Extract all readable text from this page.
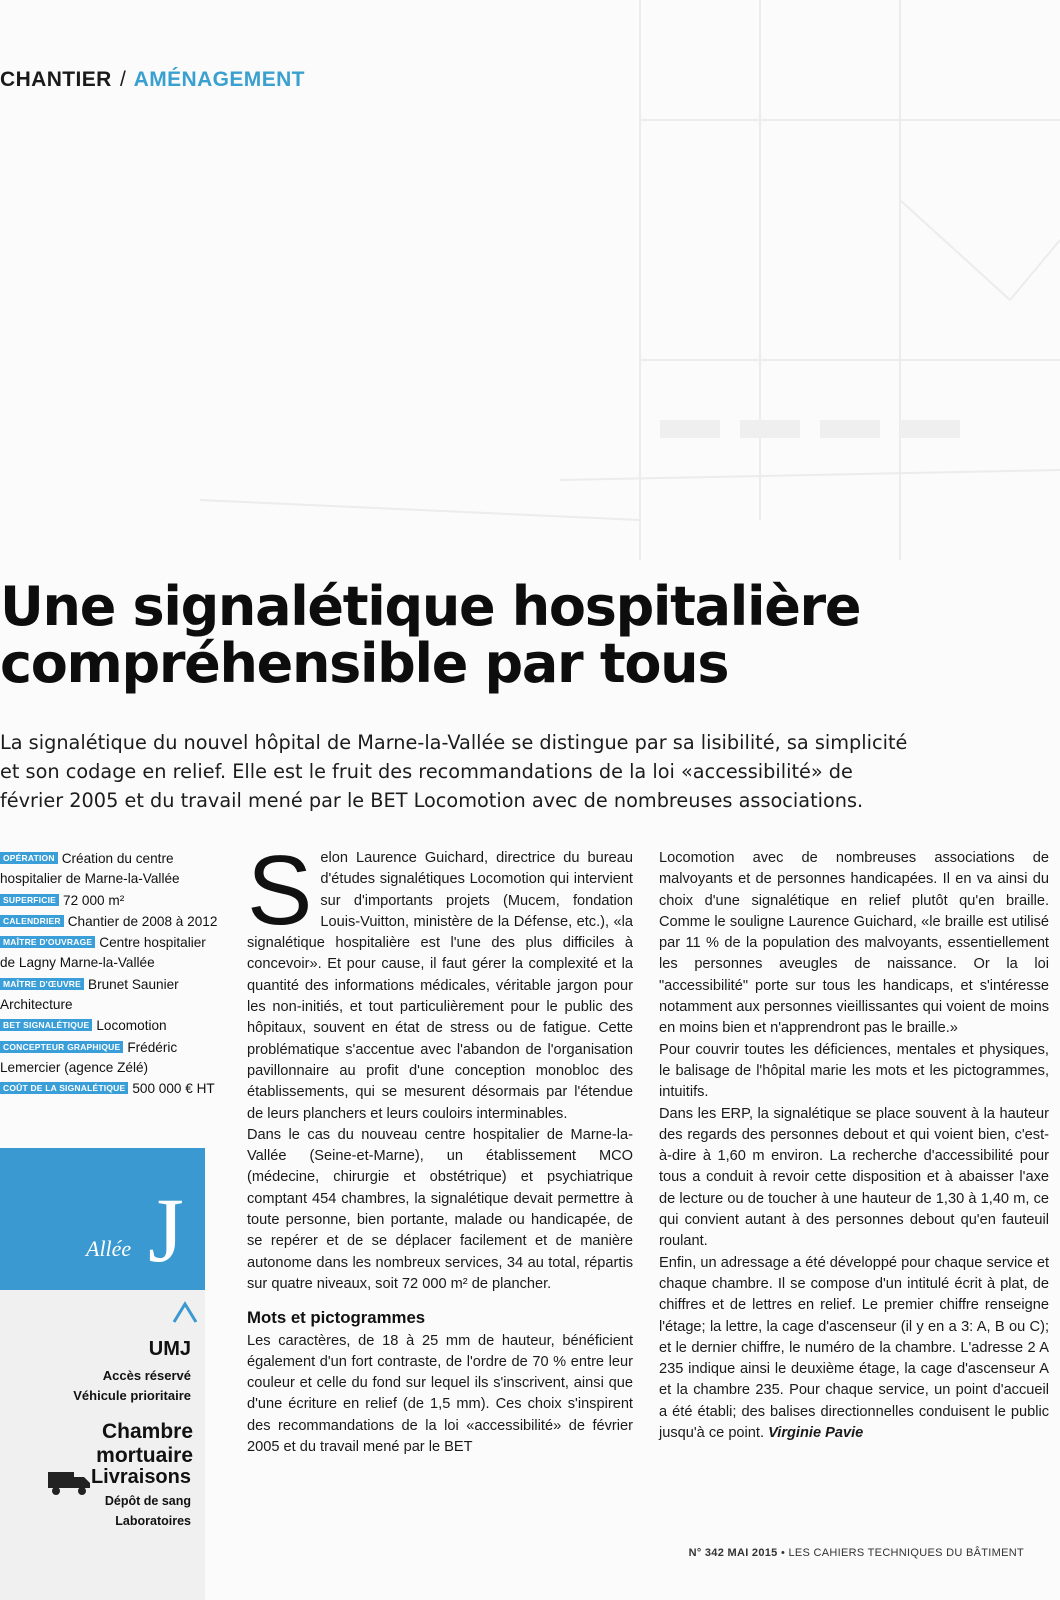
CHANTIER / AMÉNAGEMENT
Une signalétique hospitalière
compréhensible par tous

La signalétique du nouvel hôpital de Marne-la-Vallée se distingue par sa lisibilité, sa simplicité
et son codage en relief. Elle est le fruit des recommandations de la loi «accessibilité» de
février 2005 et du travail mené par le BET Locomotion avec de nombreuses associations.

OPÉRATION Création du centre hospitalier de Marne-la-Vallée
SUPERFICIE 72 000 m²
CALENDRIER Chantier de 2008 à 2012
MAÎTRE D'OUVRAGE Centre hospitalier de Lagny Marne-la-Vallée
MAÎTRE D'ŒUVRE Brunet Saunier Architecture
BET SIGNALÉTIQUE Locomotion
CONCEPTEUR GRAPHIQUE Frédéric Lemercier (agence Zélé)
COÛT DE LA SIGNALÉTIQUE 500 000 € HT

Selon Laurence Guichard, directrice du bureau d'études signalétiques Locomotion qui intervient sur d'importants projets (Mucem, fondation Louis-Vuitton, ministère de la Défense, etc.), «la signalétique hospitalière est l'une des plus difficiles à concevoir». Et pour cause, il faut gérer la complexité et la quantité des informations médicales, véritable jargon pour les non-initiés, et tout particulièrement pour le public des hôpitaux, souvent en état de stress ou de fatigue. Cette problématique s'accentue avec l'abandon de l'organisation pavillonnaire au profit d'une conception monobloc des établissements, qui se mesurent désormais par l'étendue de leurs planchers et leurs couloirs interminables.

Dans le cas du nouveau centre hospitalier de Marne-la-Vallée (Seine-et-Marne), un établissement MCO (médecine, chirurgie et obstétrique) et psychiatrique comptant 454 chambres, la signalétique devait permettre à toute personne, bien portante, malade ou handicapée, de se repérer et de se déplacer facilement et de manière autonome dans les nombreux services, 34 au total, répartis sur quatre niveaux, soit 72 000 m² de plancher.

Mots et pictogrammes

Les caractères, de 18 à 25 mm de hauteur, bénéficient également d'un fort contraste, de l'ordre de 70 % entre leur couleur et celle du fond sur lequel ils s'inscrivent, ainsi que d'une écriture en relief (de 1,5 mm). Ces choix s'inspirent des recommandations de la loi «accessibilité» de février 2005 et du travail mené par le BET

Locomotion avec de nombreuses associations de malvoyants et de personnes handicapées. Il en va ainsi du choix d'une signalétique en relief plutôt qu'en braille. Comme le souligne Laurence Guichard, «le braille est utilisé par 11 % de la population des malvoyants, essentiellement les personnes aveugles de naissance. Or la loi "accessibilité" porte sur tous les handicaps, et s'intéresse notamment aux personnes vieillissantes qui voient de moins en moins bien et n'apprendront pas le braille.»

Pour couvrir toutes les déficiences, mentales et physiques, le balisage de l'hôpital marie les mots et les pictogrammes, intuitifs.

Dans les ERP, la signalétique se place souvent à la hauteur des regards des personnes debout et qui voient bien, c'est-à-dire à 1,60 m environ. La recherche d'accessibilité pour tous a conduit à revoir cette disposition et à abaisser l'axe de lecture ou de toucher à une hauteur de 1,30 à 1,40 m, ce qui convient autant à des personnes debout qu'en fauteuil roulant.

Enfin, un adressage a été développé pour chaque service et chaque chambre. Il se compose d'un intitulé écrit à plat, de chiffres et de lettres en relief. Le premier chiffre renseigne l'étage; la lettre, la cage d'ascenseur (il y en a 3: A, B ou C); et le dernier chiffre, le numéro de la chambre. L'adresse 2 A 235 indique ainsi le deuxième étage, la cage d'ascenseur A et la chambre 235. Pour chaque service, un point d'accueil a été établi; des balises directionnelles conduisent le public jusqu'à ce point. Virginie Pavie

Allée J
UMJ
Accès réservé
Véhicule prioritaire
Chambre mortuaire
Livraisons
Dépôt de sang
Laboratoires
N° 342 MAI 2015 • LES CAHIERS TECHNIQUES DU BÂTIMENT
